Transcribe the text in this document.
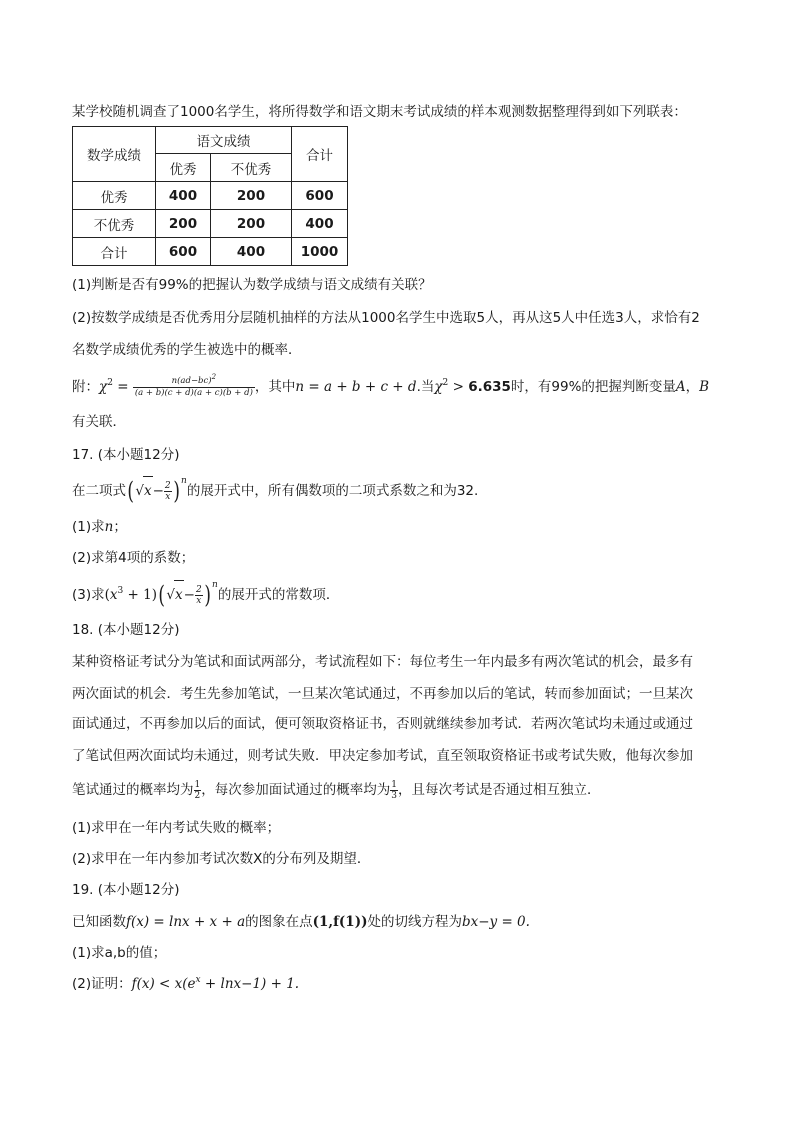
某学校随机调查了1000名学生，将所得数学和语文期末考试成绩的样本观测数据整理得到如下列联表：
数学成绩	语文成绩		合计
	优秀	不优秀	
优秀	400	200	600
不优秀	200	200	400
合计	600	400	1000
(1)判断是否有99%的把握认为数学成绩与语文成绩有关联？
(2)按数学成绩是否优秀用分层随机抽样的方法从1000名学生中选取5人，再从这5人中任选3人，求恰有2
名数学成绩优秀的学生被选中的概率．
附：$\chi^2 = \frac{n(ad-bc)^2}{(a + b)(c + d)(a + c)(b + d)}$ ，其中n = a + b + c + d.当$\chi^2 > 6.635$时，有99%的把握判断变量A，B
有关联．
17. (本小题12分)
在二项式$(√x- \frac{2}{x} )^n$的展开式中，所有偶数项的二项式系数之和为32.
(1)求n；
(2)求第4项的系数；
(3)求$(x^3 + 1)(√x- \frac{2}{x} )^n$的展开式的常数项．
18. (本小题12分)
某种资格证考试分为笔试和面试两部分，考试流程如下：每位考生一年内最多有两次笔试的机会，最多有
两次面试的机会．考生先参加笔试，一旦某次笔试通过，不再参加以后的笔试，转而参加面试；一旦某次
面试通过，不再参加以后的面试，便可领取资格证书，否则就继续参加考试．若两次笔试均未通过或通过
了笔试但两次面试均未通过，则考试失败．甲决定参加考试，直至领取资格证书或考试失败，他每次参加
笔试通过的概率均为 $\frac{1}{2}$ ，每次参加面试通过的概率均为 $\frac{1}{3}$ ，且每次考试是否通过相互独立．
(1)求甲在一年内考试失败的概率；
(2)求甲在一年内参加考试次数X的分布列及期望．
19. (本小题12分)
已知函数f(x) = lnx + x + a的图象在点(1,f(1))处的切线方程为bx−y = 0.
(1)求a,b的值；
(2)证明：$f(x) < x(e^x + \ln x-1) + 1$.
